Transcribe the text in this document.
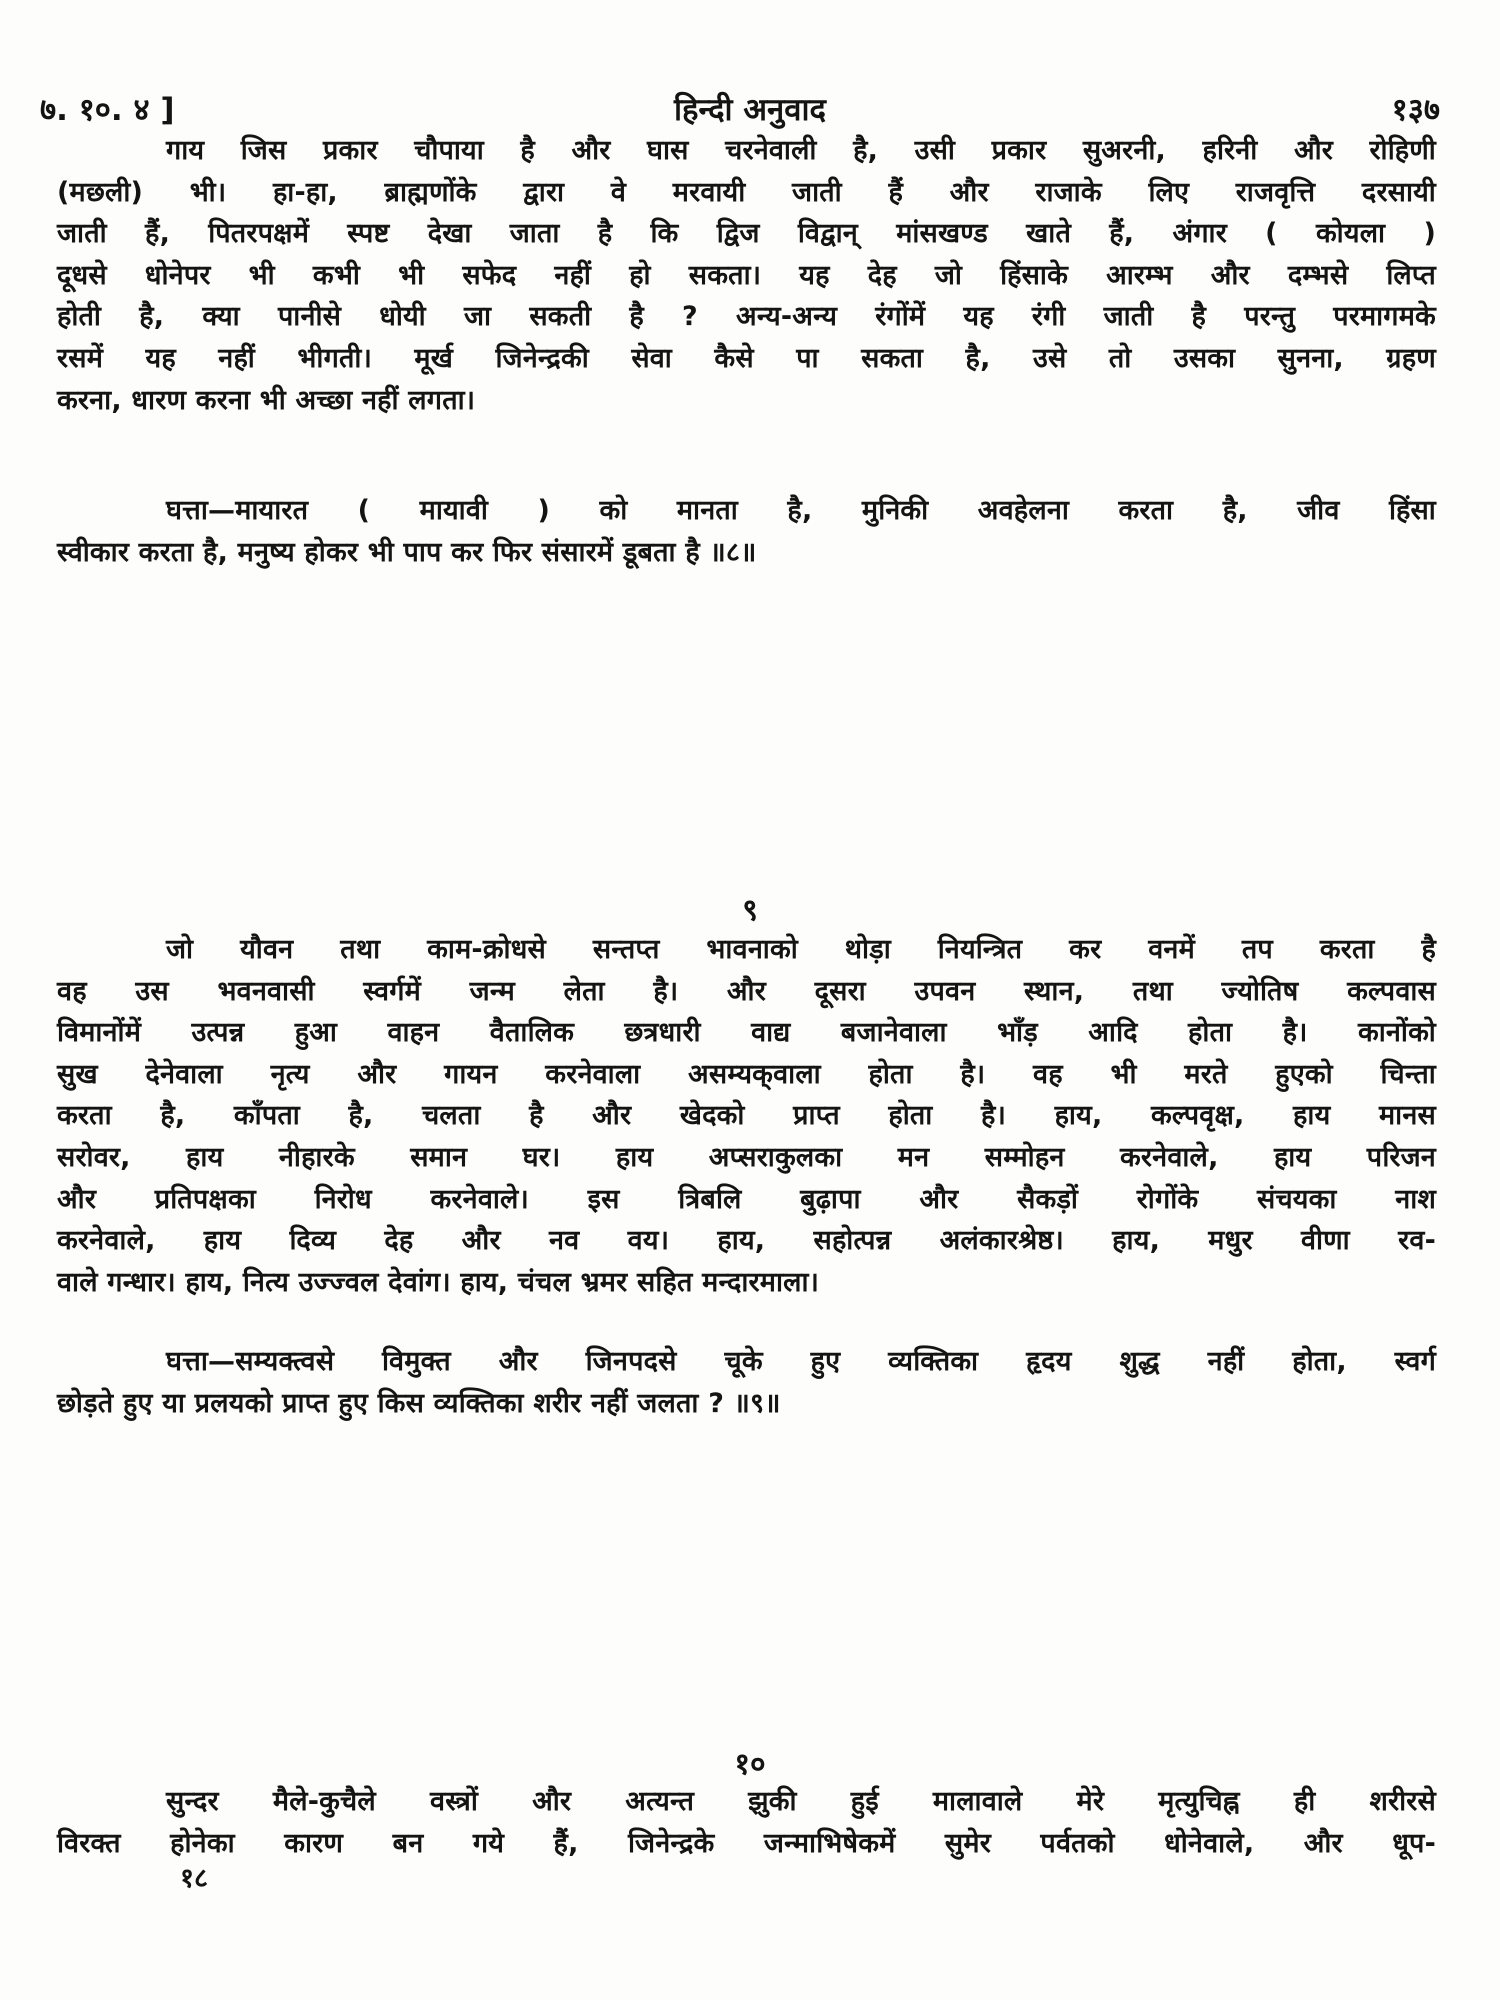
७. १०. ४ ]	हिन्दी अनुवाद	१३७
गाय जिस प्रकार चौपाया है और घास चरनेवाली है, उसी प्रकार सुअरनी, हरिनी और रोहिणी
(मछली) भी। हा-हा, ब्राह्मणोंके द्वारा वे मरवायी जाती हैं और राजाके लिए राजवृत्ति दरसायी
जाती हैं, पितरपक्षमें स्पष्ट देखा जाता है कि द्विज विद्वान् मांसखण्ड खाते हैं, अंगार ( कोयला )
दूधसे धोनेपर भी कभी भी सफेद नहीं हो सकता। यह देह जो हिंसाके आरम्भ और दम्भसे लिप्त
होती है, क्या पानीसे धोयी जा सकती है ? अन्य-अन्य रंगोंमें यह रंगी जाती है परन्तु परमागमके
रसमें यह नहीं भीगती। मूर्ख जिनेन्द्रकी सेवा कैसे पा सकता है, उसे तो उसका सुनना, ग्रहण
करना, धारण करना भी अच्छा नहीं लगता।
घत्ता—मायारत ( मायावी ) को मानता है, मुनिकी अवहेलना करता है, जीव हिंसा
स्वीकार करता है, मनुष्य होकर भी पाप कर फिर संसारमें डूबता है ॥८॥
९
जो यौवन तथा काम-क्रोधसे सन्तप्त भावनाको थोड़ा नियन्त्रित कर वनमें तप करता है
वह उस भवनवासी स्वर्गमें जन्म लेता है। और दूसरा उपवन स्थान, तथा ज्योतिष कल्पवास
विमानोंमें उत्पन्न हुआ वाहन वैतालिक छत्रधारी वाद्य बजानेवाला भाँड़ आदि होता है। कानोंको
सुख देनेवाला नृत्य और गायन करनेवाला असम्यक्‌वाला होता है। वह भी मरते हुएको चिन्ता
करता है, काँपता है, चलता है और खेदको प्राप्त होता है। हाय, कल्पवृक्ष, हाय मानस
सरोवर, हाय नीहारके समान घर। हाय अप्सराकुलका मन सम्मोहन करनेवाले, हाय परिजन
और प्रतिपक्षका निरोध करनेवाले। इस त्रिबलि बुढ़ापा और सैकड़ों रोगोंके संचयका नाश
करनेवाले, हाय दिव्य देह और नव वय। हाय, सहोत्पन्न अलंकारश्रेष्ठ। हाय, मधुर वीणा रव-
वाले गन्धार। हाय, नित्य उज्ज्वल देवांग। हाय, चंचल भ्रमर सहित मन्दारमाला।
घत्ता—सम्यक्त्वसे विमुक्त और जिनपदसे चूके हुए व्यक्तिका हृदय शुद्ध नहीं होता, स्वर्ग
छोड़ते हुए या प्रलयको प्राप्त हुए किस व्यक्तिका शरीर नहीं जलता ? ॥९॥
१०
सुन्दर मैले-कुचैले वस्त्रों और अत्यन्त झुकी हुई मालावाले मेरे मृत्युचिह्न ही शरीरसे
विरक्त होनेका कारण बन गये हैं, जिनेन्द्रके जन्माभिषेकमें सुमेर पर्वतको धोनेवाले, और धूप-
१८
